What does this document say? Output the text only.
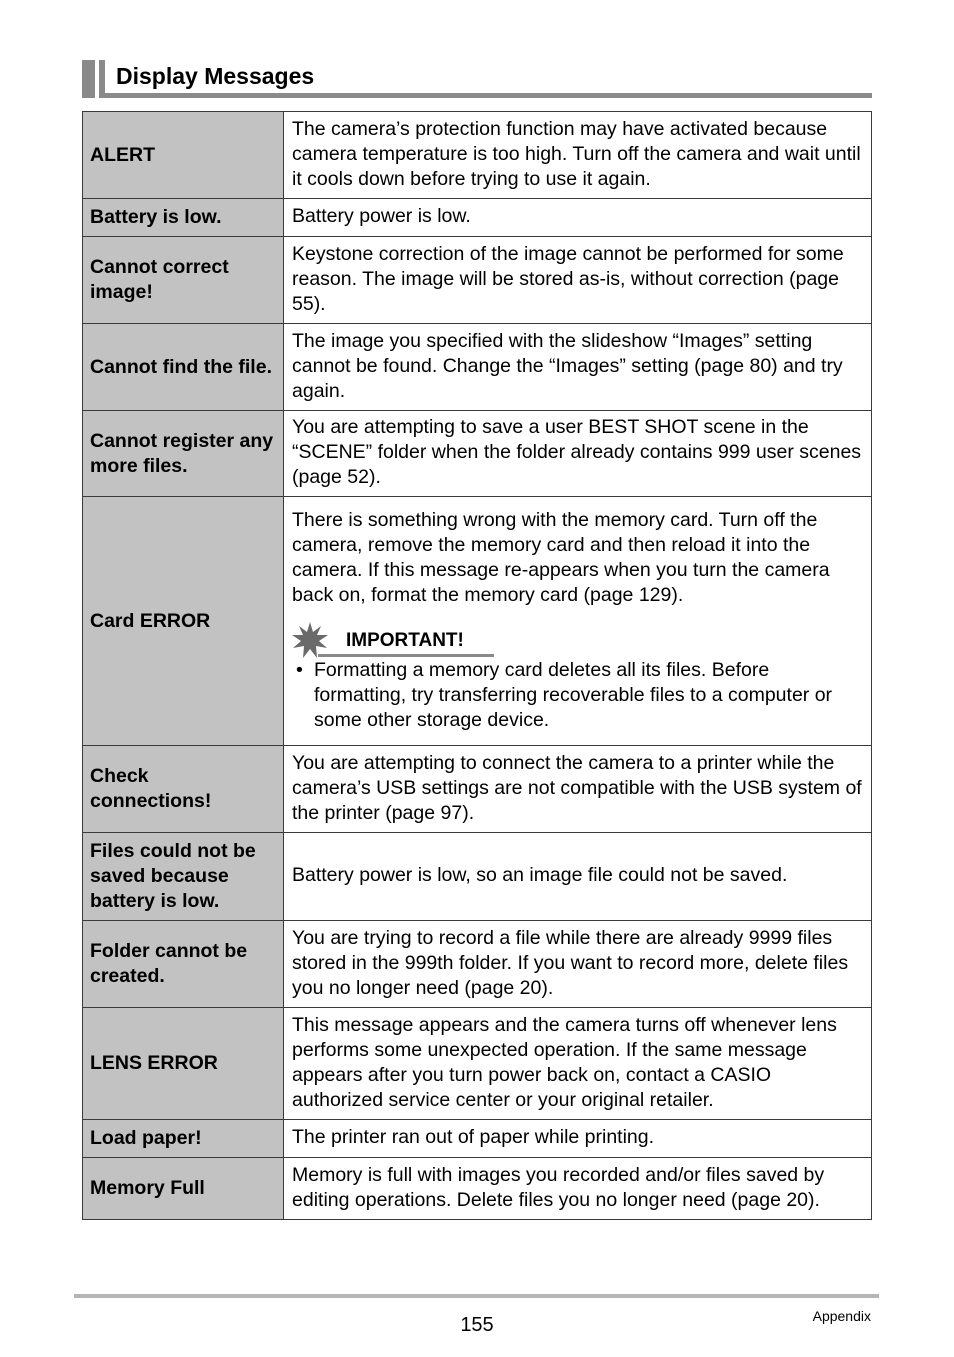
Display Messages
ALERT	The camera’s protection function may have activated because camera temperature is too high. Turn off the camera and wait until it cools down before trying to use it again.
Battery is low.	Battery power is low.
Cannot correct image!	Keystone correction of the image cannot be performed for some reason. The image will be stored as-is, without correction (page 55).
Cannot find the file.	The image you specified with the slideshow “Images” setting cannot be found. Change the “Images” setting (page 80) and try again.
Cannot register any more files.	You are attempting to save a user BEST SHOT scene in the “SCENE” folder when the folder already contains 999 user scenes (page 52).
Card ERROR	There is something wrong with the memory card. Turn off the camera, remove the memory card and then reload it into the camera. If this message re-appears when you turn the camera back on, format the memory card (page 129).
IMPORTANT!
• Formatting a memory card deletes all its files. Before formatting, try transferring recoverable files to a computer or some other storage device.

Check connections!	You are attempting to connect the camera to a printer while the camera’s USB settings are not compatible with the USB system of the printer (page 97).
Files could not be saved because battery is low.	Battery power is low, so an image file could not be saved.
Folder cannot be created.	You are trying to record a file while there are already 9999 files stored in the 999th folder. If you want to record more, delete files you no longer need (page 20).
LENS ERROR	This message appears and the camera turns off whenever lens performs some unexpected operation. If the same message appears after you turn power back on, contact a CASIO authorized service center or your original retailer.
Load paper!	The printer ran out of paper while printing.
Memory Full	Memory is full with images you recorded and/or files saved by editing operations. Delete files you no longer need (page 20).
155	Appendix
